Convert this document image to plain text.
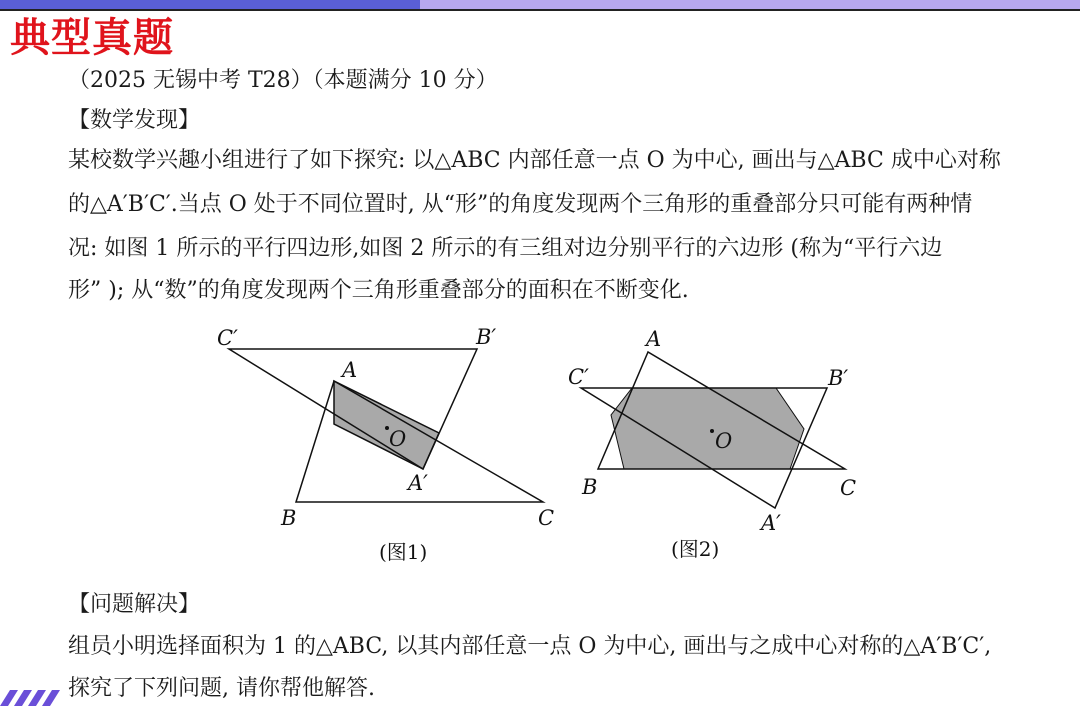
典型真题
（2025 无锡中考 T28）（本题满分 10 分）
【数学发现】
某校数学兴趣小组进行了如下探究: 以△ABC 内部任意一点 O 为中心, 画出与△ABC 成中心对称
的△A′B′C′.当点 O 处于不同位置时, 从“形”的角度发现两个三角形的重叠部分只可能有两种情
况: 如图 1 所示的平行四边形,如图 2 所示的有三组对边分别平行的六边形 (称为“平行六边
形” ); 从“数”的角度发现两个三角形重叠部分的面积在不断变化.
C′	B′
A
O
A′
B	C
(图1)
A
C′	B′
O
B	C
A′
(图2)
【问题解决】
组员小明选择面积为 1 的△ABC, 以其内部任意一点 O 为中心, 画出与之成中心对称的△A′B′C′,
探究了下列问题, 请你帮他解答.
